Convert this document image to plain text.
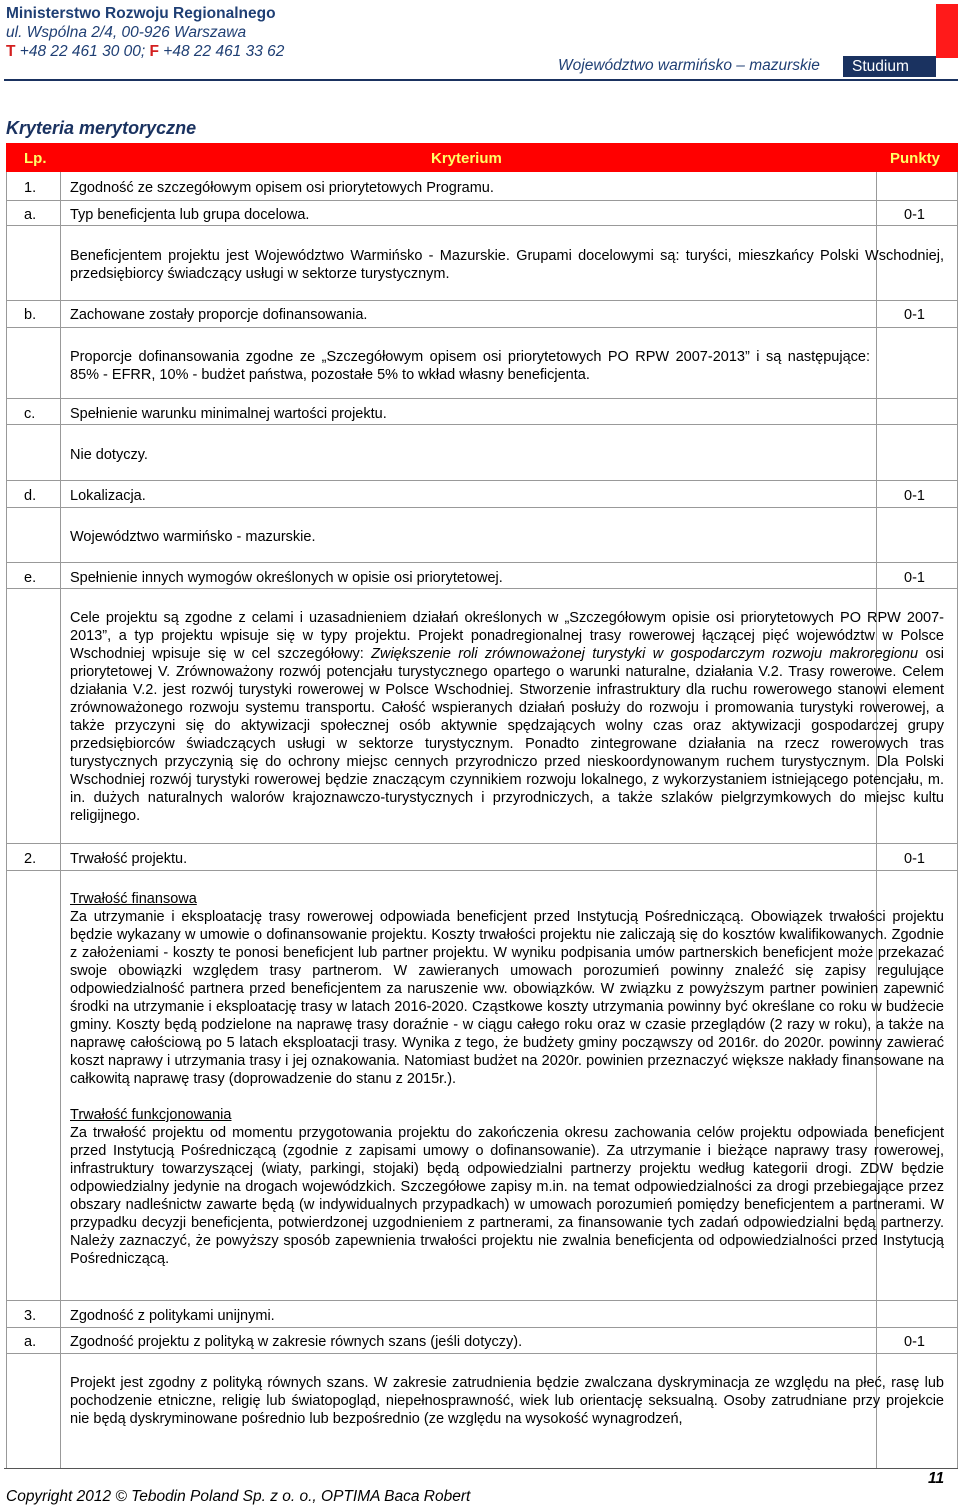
Ministerstwo Rozwoju Regionalnego
ul. Wspólna 2/4, 00-926 Warszawa
T +48 22 461 30 00; F +48 22 461 33 62
Województwo warmińsko – mazurskie	Studium
Kryteria merytoryczne
Lp.	Kryterium	Punkty
1. Zgodność ze szczegółowym opisem osi priorytetowych Programu.
a. Typ beneficjenta lub grupa docelowa.	0-1
Beneficjentem projektu jest Województwo Warmińsko - Mazurskie. Grupami docelowymi są: turyści, mieszkańcy Polski Wschodniej, przedsiębiorcy świadczący usługi w sektorze turystycznym.
b. Zachowane zostały proporcje dofinansowania.	0-1
Proporcje dofinansowania zgodne ze „Szczegółowym opisem osi priorytetowych PO RPW 2007-2013” i są następujące: 85% - EFRR, 10% - budżet państwa, pozostałe 5% to wkład własny beneficjenta.
c. Spełnienie warunku minimalnej wartości projektu.
Nie dotyczy.
d. Lokalizacja.	0-1
Województwo warmińsko - mazurskie.
e. Spełnienie innych wymogów określonych w opisie osi priorytetowej.	0-1
Cele projektu są zgodne z celami i uzasadnieniem działań określonych w „Szczegółowym opisie osi priorytetowych PO RPW 2007-2013”, a typ projektu wpisuje się w typy projektu. Projekt ponadregionalnej trasy rowerowej łączącej pięć województw w Polsce Wschodniej wpisuje się w cel szczegółowy: Zwiększenie roli zrównoważonej turystyki w gospodarczym rozwoju makroregionu osi priorytetowej V. Zrównoważony rozwój potencjału turystycznego opartego o warunki naturalne, działania V.2. Trasy rowerowe. Celem działania V.2. jest rozwój turystyki rowerowej w Polsce Wschodniej. Stworzenie infrastruktury dla ruchu rowerowego stanowi element zrównoważonego rozwoju systemu transportu. Całość wspieranych działań posłuży do rozwoju i promowania turystyki rowerowej, a także przyczyni się do aktywizacji społecznej osób aktywnie spędzających wolny czas oraz aktywizacji gospodarczej grupy przedsiębiorców świadczących usługi w sektorze turystycznym. Ponadto zintegrowane działania na rzecz rowerowych tras turystycznych przyczynią się do ochrony miejsc cennych przyrodniczo przed nieskoordynowanym ruchem turystycznym. Dla Polski Wschodniej rozwój turystyki rowerowej będzie znaczącym czynnikiem rozwoju lokalnego, z wykorzystaniem istniejącego potencjału, m. in. dużych naturalnych walorów krajoznawczo-turystycznych i przyrodniczych, a także szlaków pielgrzymkowych do miejsc kultu religijnego.
2. Trwałość projektu.	0-1
Trwałość finansowa
Za utrzymanie i eksploatację trasy rowerowej odpowiada beneficjent przed Instytucją Pośredniczącą. Obowiązek trwałości projektu będzie wykazany w umowie o dofinansowanie projektu. Koszty trwałości projektu nie zaliczają się do kosztów kwalifikowanych. Zgodnie z założeniami - koszty te ponosi beneficjent lub partner projektu. W wyniku podpisania umów partnerskich beneficjent może przekazać swoje obowiązki względem trasy partnerom. W zawieranych umowach porozumień powinny znaleźć się zapisy regulujące odpowiedzialność partnera przed beneficjentem za naruszenie ww. obowiązków. W związku z powyższym partner powinien zapewnić środki na utrzymanie i eksploatację trasy w latach 2016-2020. Cząstkowe koszty utrzymania powinny być określane co roku w budżecie gminy. Koszty będą podzielone na naprawę trasy doraźnie - w ciągu całego roku oraz w czasie przeglądów (2 razy w roku), a także na naprawę całościową po 5 latach eksploatacji trasy. Wynika z tego, że budżety gminy począwszy od 2016r. do 2020r. powinny zawierać koszt naprawy i utrzymania trasy i jej oznakowania. Natomiast budżet na 2020r. powinien przeznaczyć większe nakłady finansowane na całkowitą naprawę trasy (doprowadzenie do stanu z 2015r.).
Trwałość funkcjonowania
Za trwałość projektu od momentu przygotowania projektu do zakończenia okresu zachowania celów projektu odpowiada beneficjent przed Instytucją Pośredniczącą (zgodnie z zapisami umowy o dofinansowanie). Za utrzymanie i bieżące naprawy trasy rowerowej, infrastruktury towarzyszącej (wiaty, parkingi, stojaki) będą odpowiedzialni partnerzy projektu według kategorii drogi. ZDW będzie odpowiedzialny jedynie na drogach wojewódzkich. Szczegółowe zapisy m.in. na temat odpowiedzialności za drogi przebiegające przez obszary nadleśnictw zawarte będą (w indywidualnych przypadkach) w umowach porozumień pomiędzy beneficjentem a partnerami. W przypadku decyzji beneficjenta, potwierdzonej uzgodnieniem z partnerami, za finansowanie tych zadań odpowiedzialni będą partnerzy. Należy zaznaczyć, że powyższy sposób zapewnienia trwałości projektu nie zwalnia beneficjenta od odpowiedzialności przed Instytucją Pośredniczącą.
3. Zgodność z politykami unijnymi.
a. Zgodność projektu z polityką w zakresie równych szans (jeśli dotyczy).	0-1
Projekt jest zgodny z polityką równych szans. W zakresie zatrudnienia będzie zwalczana dyskryminacja ze względu na płeć, rasę lub pochodzenie etniczne, religię lub światopogląd, niepełnosprawność, wiek lub orientację seksualną. Osoby zatrudniane przy projekcie nie będą dyskryminowane pośrednio lub bezpośrednio (ze względu na wysokość wynagrodzeń,
11
Copyright 2012 © Tebodin Poland Sp. z o. o., OPTIMA Baca Robert
